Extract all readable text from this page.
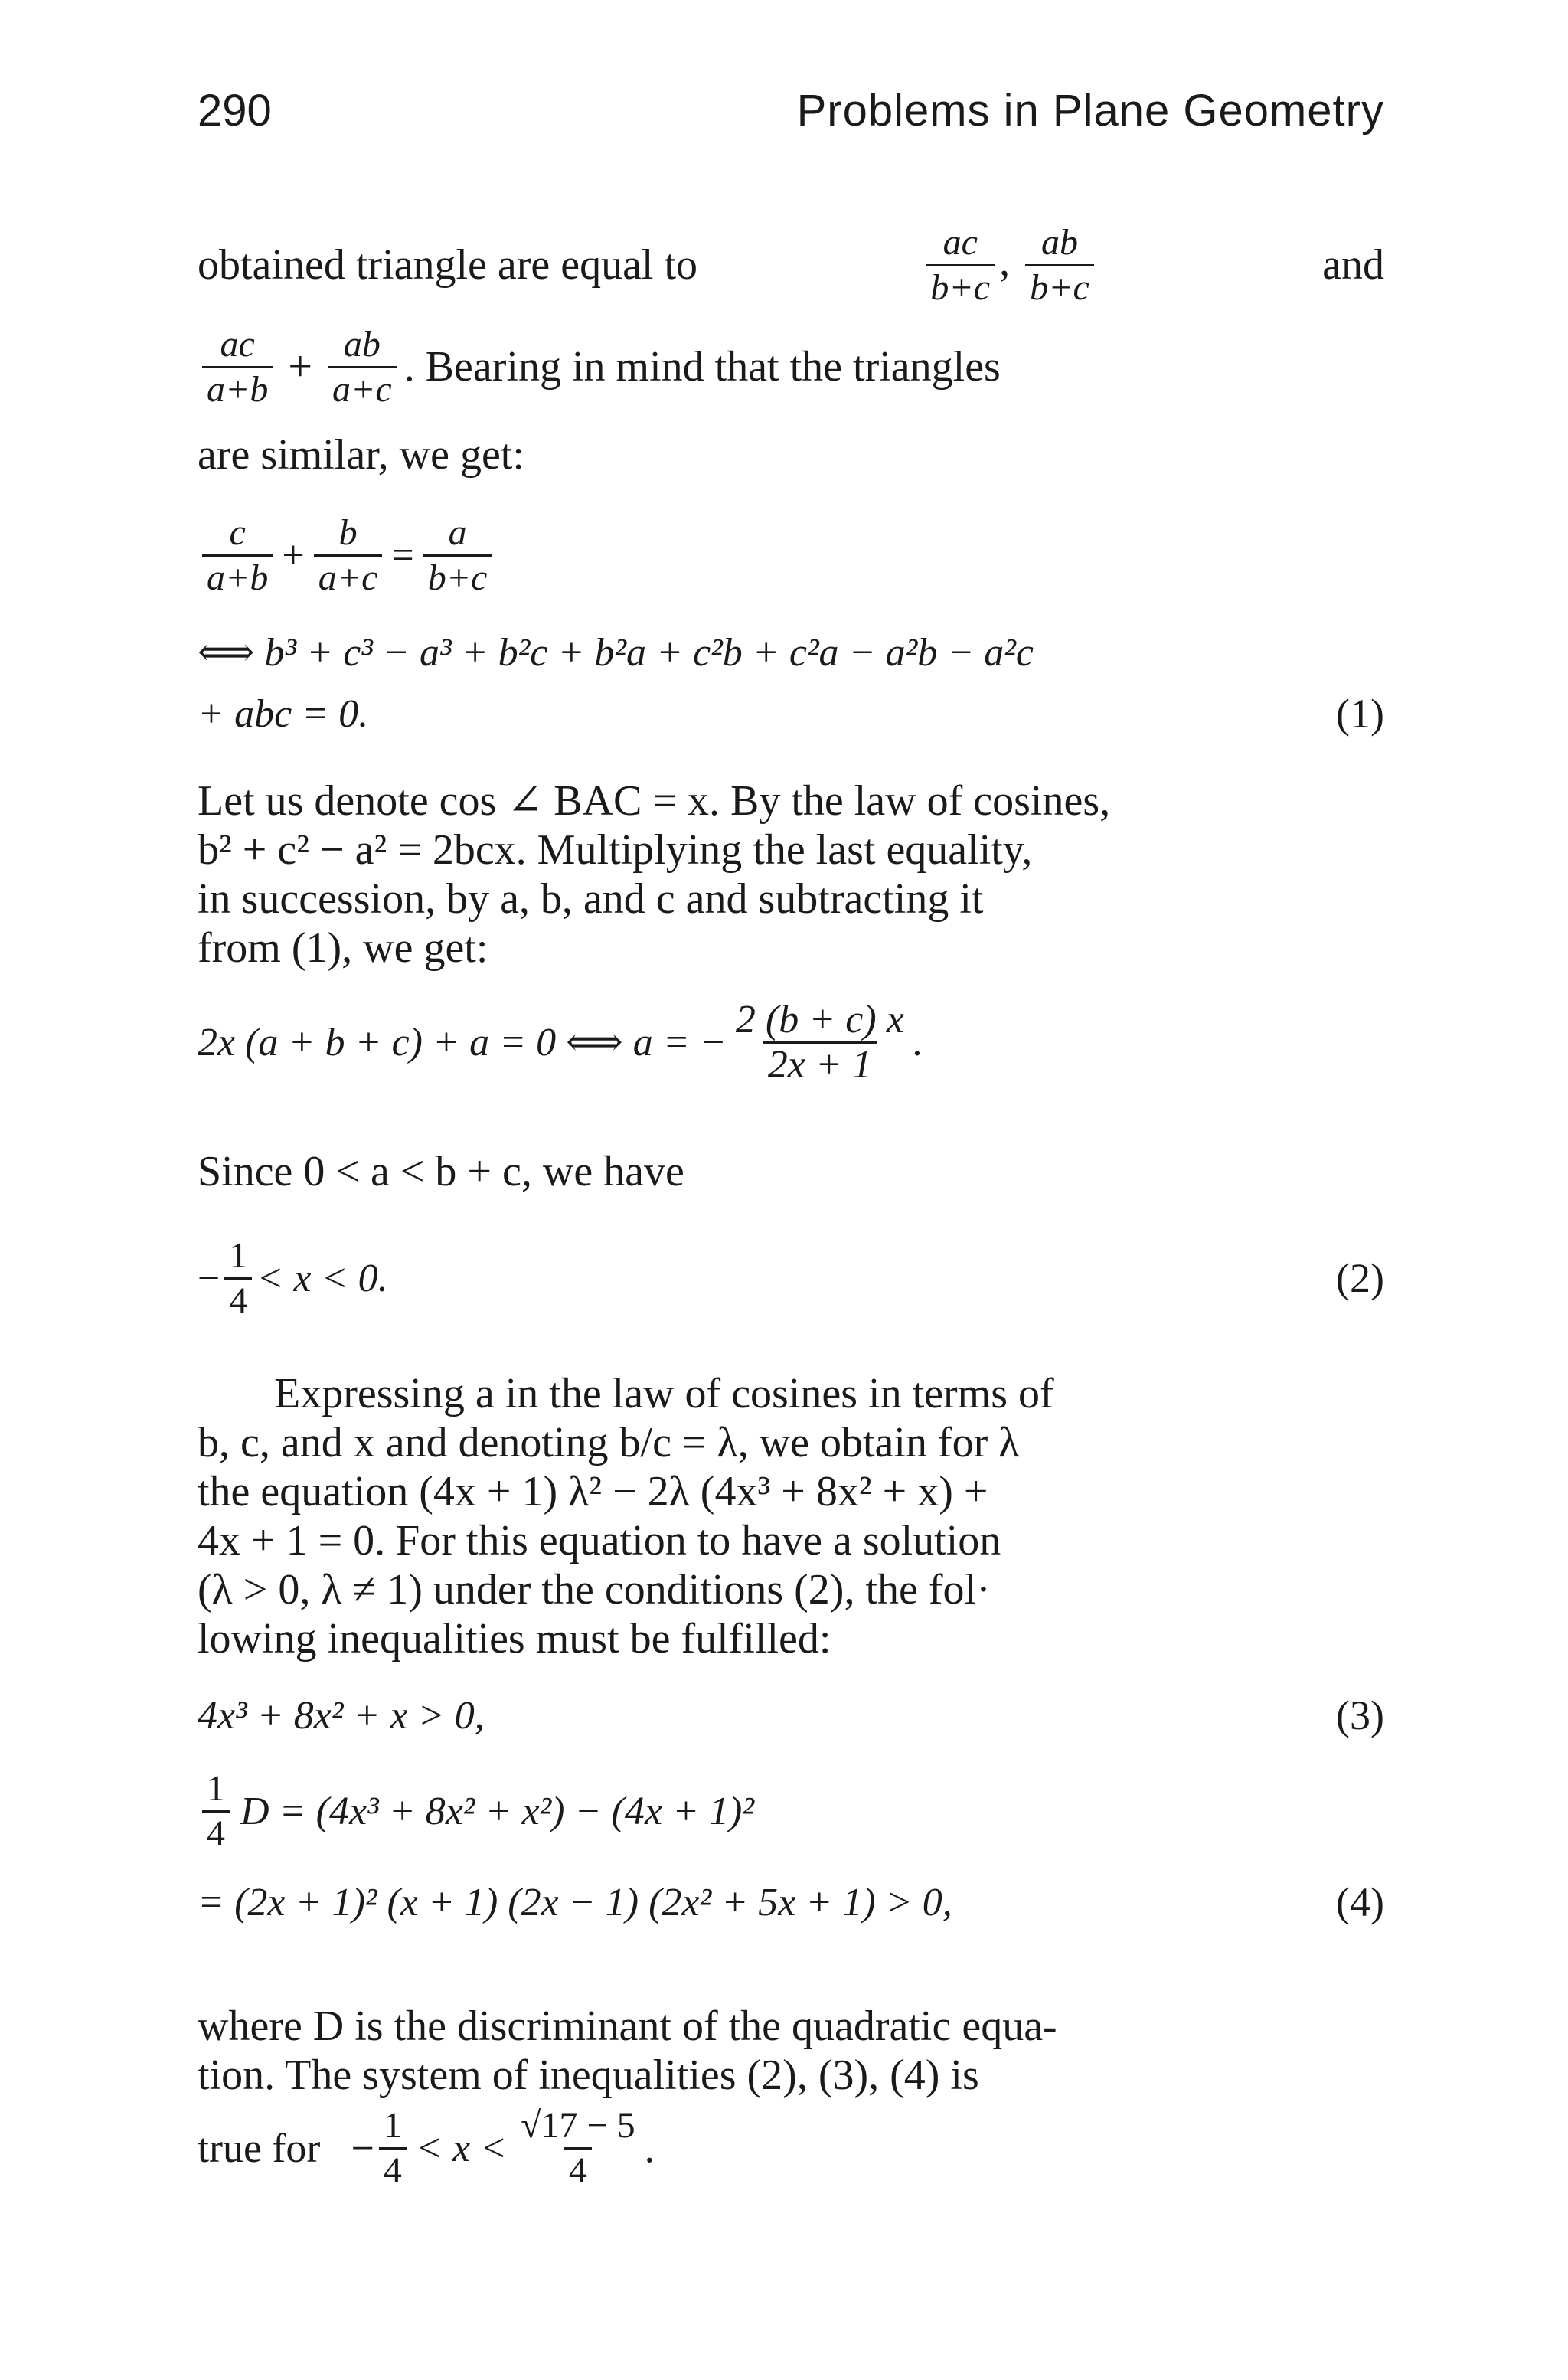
290	Problems in Plane Geometry
obtained triangle are equal to	$\frac{ac}{b+c}$ , $\frac{ab}{b+c}$	and
ac
$a+b + \frac{ab}{a+c}$ . Bearing in mind that the triangles
are similar, we get:
c
a+b
+ $\frac{b}{a+c} = \frac{a}{b+c}$
⟺ b³ + c³ − a³ + b²c + b²a + c²b + c²a − a²b − a²c
+ abc = 0.	(1)
Let us denote cos ∠ BAC = x. By the law of cosines,
b² + c² − a² = 2bcx. Multiplying the last equality,
in succession, by a, b, and c and subtracting it
from (1), we get:
2x (a + b + c) + a = 0 ⟺ a = − $\frac{2 (b + c) x}{2x + 1}$ .
Since 0 < a < b + c, we have
− $\frac{1}{4} < x < 0$.	(2)
Expressing a in the law of cosines in terms of
b, c, and x and denoting b/c = λ, we obtain for λ
the equation (4x + 1) λ² − 2λ (4x³ + 8x² + x) +
4x + 1 = 0. For this equation to have a solution
(λ > 0, λ ≠ 1) under the conditions (2), the fol·
lowing inequalities must be fulfilled:
4x³ + 8x² + x > 0,	(3)
1
4
D = (4x³ + 8x² + x²) − (4x + 1)²
= (2x + 1)² (x + 1) (2x − 1) (2x² + 5x + 1) > 0,	(4)
where D is the discriminant of the quadratic equa-
tion. The system of inequalities (2), (3), (4) is
true for − $\frac{1}{4} < x$ <
√17 − 5
4 .
